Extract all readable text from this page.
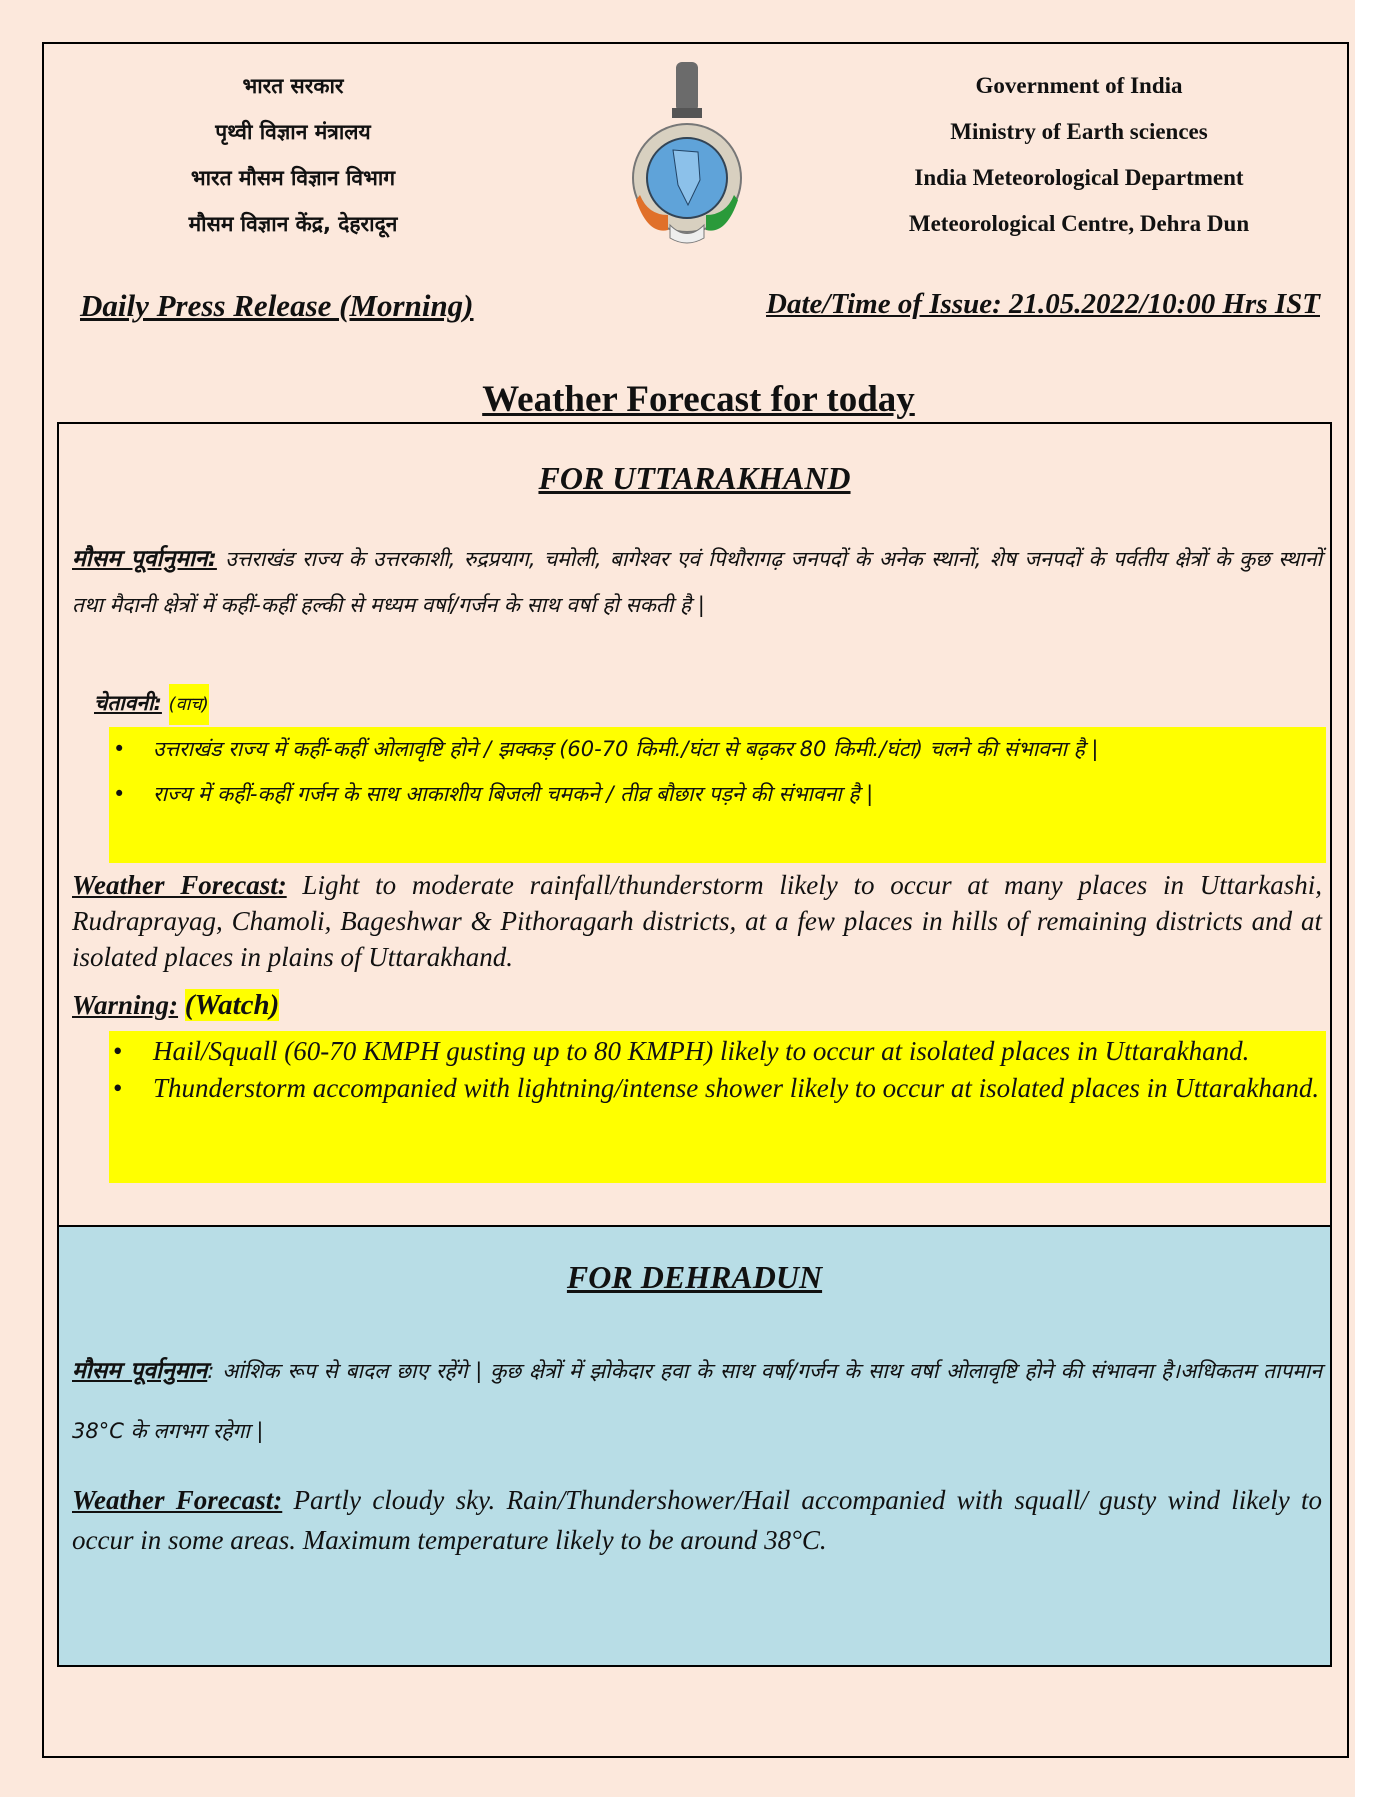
भारत सरकार
पृथ्वी विज्ञान मंत्रालय
भारत मौसम विज्ञान विभाग
मौसम विज्ञान केंद्र, देहरादून
Government of India
Ministry of Earth sciences
India Meteorological Department
Meteorological Centre, Dehra Dun
Daily Press Release (Morning)	Date/Time of Issue: 21.05.2022/10:00 Hrs IST
Weather Forecast for today
FOR UTTARAKHAND
मौसम पूर्वानुमान: उत्तराखंड राज्य के उत्तरकाशी, रुद्रप्रयाग, चमोली, बागेश्वर एवं पिथौरागढ़ जनपदों के अनेक स्थानों, शेष जनपदों के पर्वतीय क्षेत्रों के कुछ स्थानों तथा मैदानी क्षेत्रों में कहीं-कहीं हल्की से मध्यम वर्षा/गर्जन के साथ वर्षा हो सकती है |
चेतावनी: (वाच)
• उत्तराखंड राज्य में कहीं-कहीं ओलावृष्टि होने / झक्कड़ (60-70 किमी./घंटा से बढ़कर 80 किमी./घंटा) चलने की संभावना है |
• राज्य में कहीं-कहीं गर्जन के साथ आकाशीय बिजली चमकने / तीव्र बौछार पड़ने की संभावना है |
Weather Forecast: Light to moderate rainfall/thunderstorm likely to occur at many places in Uttarkashi, Rudraprayag, Chamoli, Bageshwar & Pithoragarh districts, at a few places in hills of remaining districts and at isolated places in plains of Uttarakhand.
Warning: (Watch)
• Hail/Squall (60-70 KMPH gusting up to 80 KMPH) likely to occur at isolated places in Uttarakhand.
• Thunderstorm accompanied with lightning/intense shower likely to occur at isolated places in Uttarakhand.
FOR DEHRADUN
मौसम पूर्वानुमान: आंशिक रूप से बादल छाए रहेंगे | कुछ क्षेत्रों में झोकेदार हवा के साथ वर्षा/गर्जन के साथ वर्षा ओलावृष्टि होने की संभावना है।अधिकतम तापमान 38°C के लगभग रहेगा |
Weather Forecast: Partly cloudy sky. Rain/Thundershower/Hail accompanied with squall/ gusty wind likely to occur in some areas. Maximum temperature likely to be around 38°C.
